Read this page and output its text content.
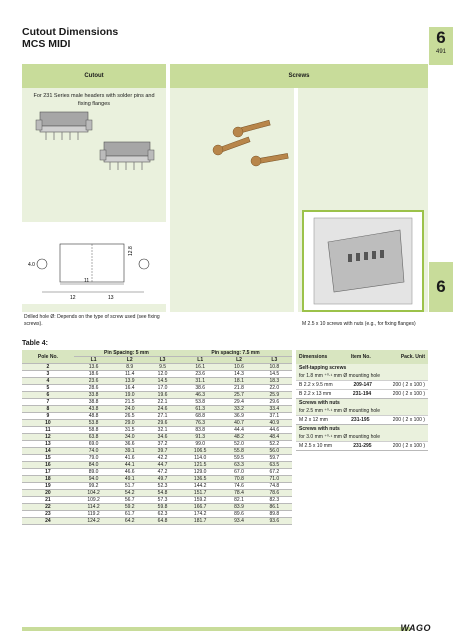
Cutout Dimensions
MCS MIDI	6
491
6
Cutout
For 231 Series male headers with solder pins and fixing flanges
4.0
11
12	13
12.8
Drilled hole Ø: Depends on the type of screw used (see fixing screws).
Screws
M 2.5 x 10 screws with nuts (e.g., for fixing flanges)
Table 4:
Pole No.	Pin Spacing: 5 mm			Pin spacing: 7.5 mm		
	L1	L2	L3	L1	L2	L3
2	13.6	8.9	9.5	16.1	10.6	10.8
3	18.6	11.4	12.0	23.6	14.3	14.5
4	23.6	13.9	14.5	31.1	18.1	18.3
5	28.6	16.4	17.0	38.6	21.8	22.0
6	33.8	19.0	19.6	46.3	25.7	25.9
7	38.8	21.5	22.1	53.8	29.4	29.6
8	43.8	24.0	24.6	61.3	33.2	33.4
9	48.8	26.5	27.1	68.8	36.9	37.1
10	53.8	29.0	29.6	76.3	40.7	40.9
11	58.8	31.5	32.1	83.8	44.4	44.6
12	63.8	34.0	34.6	91.3	48.2	48.4
13	69.0	36.6	37.2	99.0	52.0	52.2
14	74.0	39.1	39.7	106.5	55.8	56.0
15	79.0	41.6	42.2	114.0	59.5	59.7
16	84.0	44.1	44.7	121.5	63.3	63.5
17	89.0	46.6	47.2	129.0	67.0	67.2
18	94.0	49.1	49.7	136.5	70.8	71.0
19	99.2	51.7	52.3	144.2	74.6	74.8
20	104.2	54.2	54.8	151.7	78.4	78.6
21	109.2	56.7	57.3	159.2	82.1	82.3
22	114.2	59.2	59.8	166.7	83.9	86.1
23	119.2	61.7	62.3	174.2	89.6	89.8
24	124.2	64.2	64.8	181.7	93.4	93.6
Dimensions	Item No.	Pack. Unit
Self-tapping screws
for 1.8 mm ⁺⁰·¹ mm Ø mounting hole
B 2.2 x 9.5 mm	209-147	200 ( 2 x 100 )
B 2.2 x 13 mm	231-194	200 ( 2 x 100 )
Screws with nuts
for 2.5 mm ⁺⁰·¹ mm Ø mounting hole
M 2 x 12 mm	231-195	200 ( 2 x 100 )
Screws with nuts
for 3.0 mm ⁺⁰·¹ mm Ø mounting hole
M 2.5 x 10 mm	231-295	200 ( 2 x 100 )
WAGO
